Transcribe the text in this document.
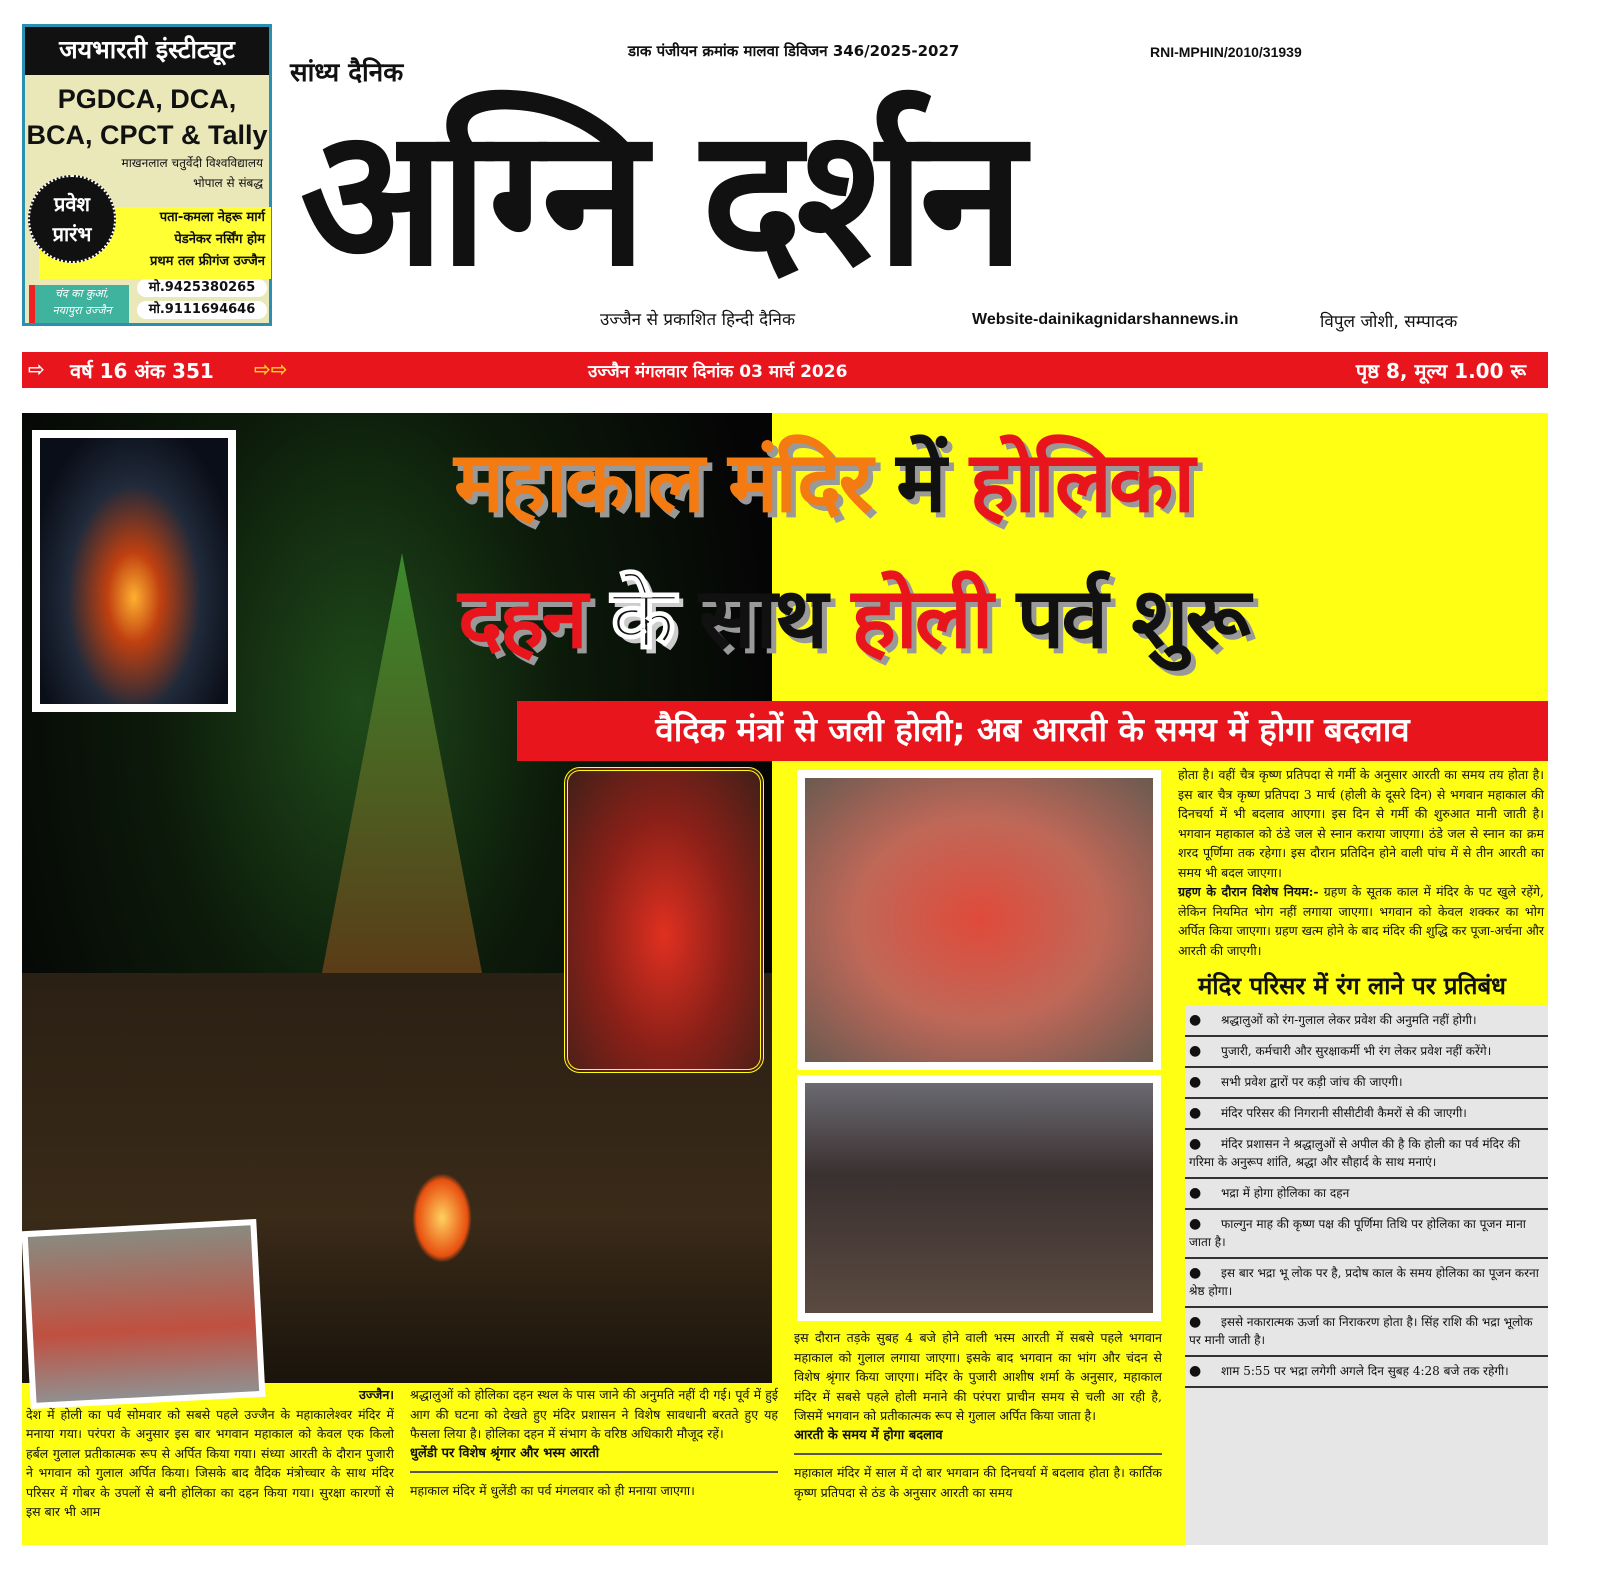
जयभारती इंस्टीट्यूट
PGDCA, DCA,
BCA, CPCT & Tally
माखनलाल चतुर्वेदी विश्वविद्यालय
भोपाल से संबद्ध
पता-कमला नेहरू मार्ग
पेडनेकर नर्सिंग होम
प्रथम तल फ्रीगंज उज्जैन
प्रवेश
प्रारंभ
चंद का कुआं,
नयापुरा उज्जैन
मो.9425380265
मो.9111694646
सांध्य दैनिक
अग्नि दर्शन
डाक पंजीयन क्रमांक मालवा डिविजन 346/2025-2027	RNI-MPHIN/2010/31939
उज्जैन से प्रकाशित हिन्दी दैनिक	Website-dainikagnidarshannews.in	विपुल जोशी, सम्पादक
⇨ वर्ष 16 अंक 351 ⇨⇨	उज्जैन मंगलवार दिनांक 03 मार्च 2026	पृष्ठ 8, मूल्य 1.00 रू
महाकाल मंदिर में होलिका
दहन के साथ होली पर्व शुरू
वैदिक मंत्रों से जली होली; अब आरती के समय में होगा बदलाव
उज्जैन।
देश में होली का पर्व सोमवार को सबसे पहले उज्जैन के महाकालेश्वर मंदिर में मनाया गया। परंपरा के अनुसार इस बार भगवान महाकाल को केवल एक किलो हर्बल गुलाल प्रतीकात्मक रूप से अर्पित किया गया। संध्या आरती के दौरान पुजारी ने भगवान को गुलाल अर्पित किया। जिसके बाद वैदिक मंत्रोच्चार के साथ मंदिर परिसर में गोबर के उपलों से बनी होलिका का दहन किया गया। सुरक्षा कारणों से इस बार भी आम
श्रद्धालुओं को होलिका दहन स्थल के पास जाने की अनुमति नहीं दी गई। पूर्व में हुई आग की घटना को देखते हुए मंदिर प्रशासन ने विशेष सावधानी बरतते हुए यह फैसला लिया है। होलिका दहन में संभाग के वरिष्ठ अधिकारी मौजूद रहें।
धुलेंडी पर विशेष श्रृंगार और भस्म आरती
महाकाल मंदिर में धुलेंडी का पर्व मंगलवार को ही मनाया जाएगा।
इस दौरान तड़के सुबह 4 बजे होने वाली भस्म आरती में सबसे पहले भगवान महाकाल को गुलाल लगाया जाएगा। इसके बाद भगवान का भांग और चंदन से विशेष श्रृंगार किया जाएगा। मंदिर के पुजारी आशीष शर्मा के अनुसार, महाकाल मंदिर में सबसे पहले होली मनाने की परंपरा प्राचीन समय से चली आ रही है, जिसमें भगवान को प्रतीकात्मक रूप से गुलाल अर्पित किया जाता है।
आरती के समय में होगा बदलाव
महाकाल मंदिर में साल में दो बार भगवान की दिनचर्या में बदलाव होता है। कार्तिक कृष्ण प्रतिपदा से ठंड के अनुसार आरती का समय
होता है। वहीं चैत्र कृष्ण प्रतिपदा से गर्मी के अनुसार आरती का समय तय होता है। इस बार चैत्र कृष्ण प्रतिपदा 3 मार्च (होली के दूसरे दिन) से भगवान महाकाल की दिनचर्या में भी बदलाव आएगा। इस दिन से गर्मी की शुरुआत मानी जाती है। भगवान महाकाल को ठंडे जल से स्नान कराया जाएगा। ठंडे जल से स्नान का क्रम शरद पूर्णिमा तक रहेगा। इस दौरान प्रतिदिन होने वाली पांच में से तीन आरती का समय भी बदल जाएगा।
ग्रहण के दौरान विशेष नियम:- ग्रहण के सूतक काल में मंदिर के पट खुले रहेंगे, लेकिन नियमित भोग नहीं लगाया जाएगा। भगवान को केवल शक्कर का भोग अर्पित किया जाएगा। ग्रहण खत्म होने के बाद मंदिर की शुद्धि कर पूजा-अर्चना और आरती की जाएगी।
मंदिर परिसर में रंग लाने पर प्रतिबंध
● श्रद्धालुओं को रंग-गुलाल लेकर प्रवेश की अनुमति नहीं होगी।
● पुजारी, कर्मचारी और सुरक्षाकर्मी भी रंग लेकर प्रवेश नहीं करेंगे।
● सभी प्रवेश द्वारों पर कड़ी जांच की जाएगी।
● मंदिर परिसर की निगरानी सीसीटीवी कैमरों से की जाएगी।
● मंदिर प्रशासन ने श्रद्धालुओं से अपील की है कि होली का पर्व मंदिर की गरिमा के अनुरूप शांति, श्रद्धा और सौहार्द के साथ मनाएं।
● भद्रा में होगा होलिका का दहन
● फाल्गुन माह की कृष्ण पक्ष की पूर्णिमा तिथि पर होलिका का पूजन माना जाता है।
● इस बार भद्रा भू लोक पर है, प्रदोष काल के समय होलिका का पूजन करना श्रेष्ठ होगा।
● इससे नकारात्मक ऊर्जा का निराकरण होता है। सिंह राशि की भद्रा भूलोक पर मानी जाती है।
● शाम 5:55 पर भद्रा लगेगी अगले दिन सुबह 4:28 बजे तक रहेगी।
